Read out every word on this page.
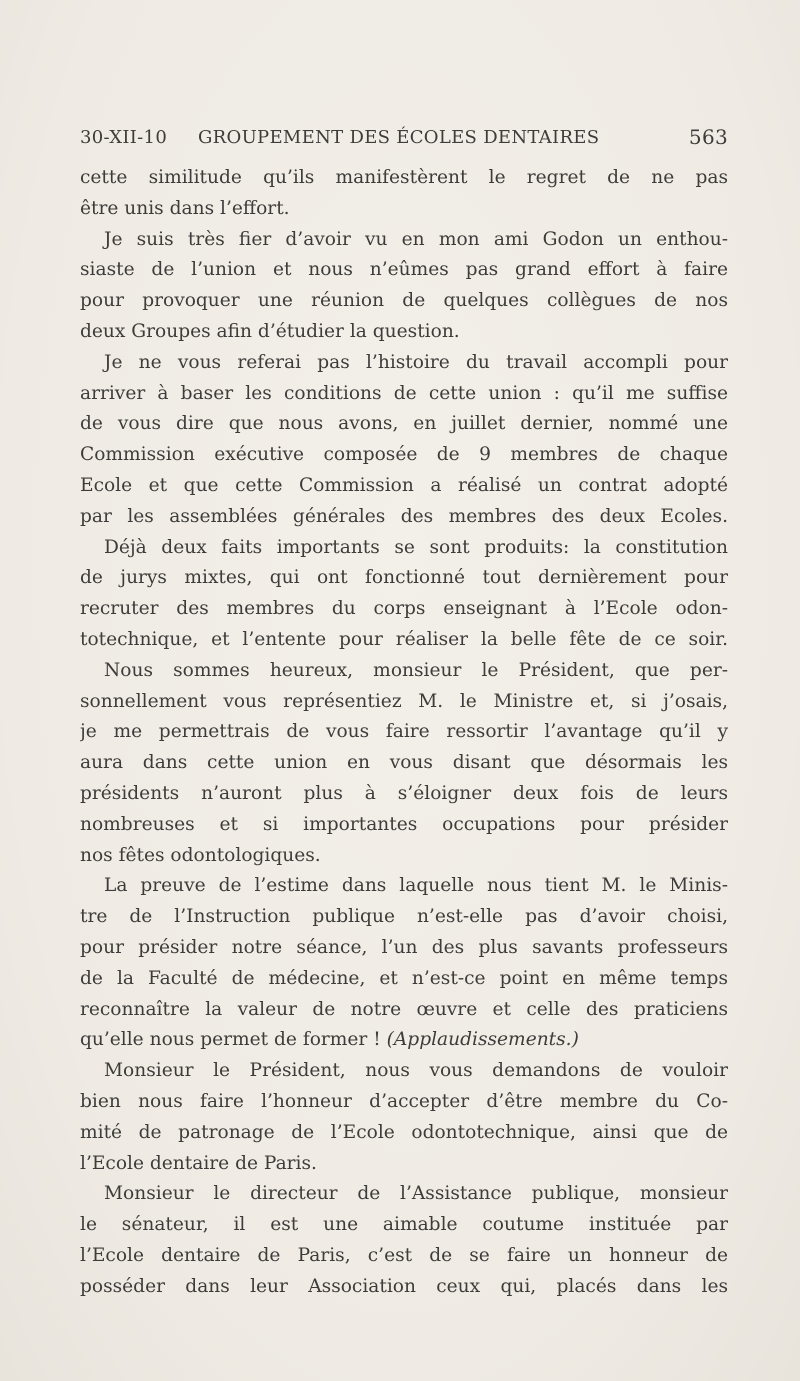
30-XII-10 GROUPEMENT DES ÉCOLES DENTAIRES	563
cette similitude qu’ils manifestèrent le regret de ne pas
être unis dans l’effort.
Je suis très fier d’avoir vu en mon ami Godon un enthou-
siaste de l’union et nous n’eûmes pas grand effort à faire
pour provoquer une réunion de quelques collègues de nos
deux Groupes afin d’étudier la question.
Je ne vous referai pas l’histoire du travail accompli pour
arriver à baser les conditions de cette union : qu’il me suffise
de vous dire que nous avons, en juillet dernier, nommé une
Commission exécutive composée de 9 membres de chaque
Ecole et que cette Commission a réalisé un contrat adopté
par les assemblées générales des membres des deux Ecoles.
Déjà deux faits importants se sont produits: la constitution
de jurys mixtes, qui ont fonctionné tout dernièrement pour
recruter des membres du corps enseignant à l’Ecole odon-
totechnique, et l’entente pour réaliser la belle fête de ce soir.
Nous sommes heureux, monsieur le Président, que per-
sonnellement vous représentiez M. le Ministre et, si j’osais,
je me permettrais de vous faire ressortir l’avantage qu’il y
aura dans cette union en vous disant que désormais les
présidents n’auront plus à s’éloigner deux fois de leurs
nombreuses et si importantes occupations pour présider
nos fêtes odontologiques.
La preuve de l’estime dans laquelle nous tient M. le Minis-
tre de l’Instruction publique n’est-elle pas d’avoir choisi,
pour présider notre séance, l’un des plus savants professeurs
de la Faculté de médecine, et n’est-ce point en même temps
reconnaître la valeur de notre œuvre et celle des praticiens
qu’elle nous permet de former ! (Applaudissements.)
Monsieur le Président, nous vous demandons de vouloir
bien nous faire l’honneur d’accepter d’être membre du Co-
mité de patronage de l’Ecole odontotechnique, ainsi que de
l’Ecole dentaire de Paris.
Monsieur le directeur de l’Assistance publique, monsieur
le sénateur, il est une aimable coutume instituée par
l’Ecole dentaire de Paris, c’est de se faire un honneur de
posséder dans leur Association ceux qui, placés dans les
